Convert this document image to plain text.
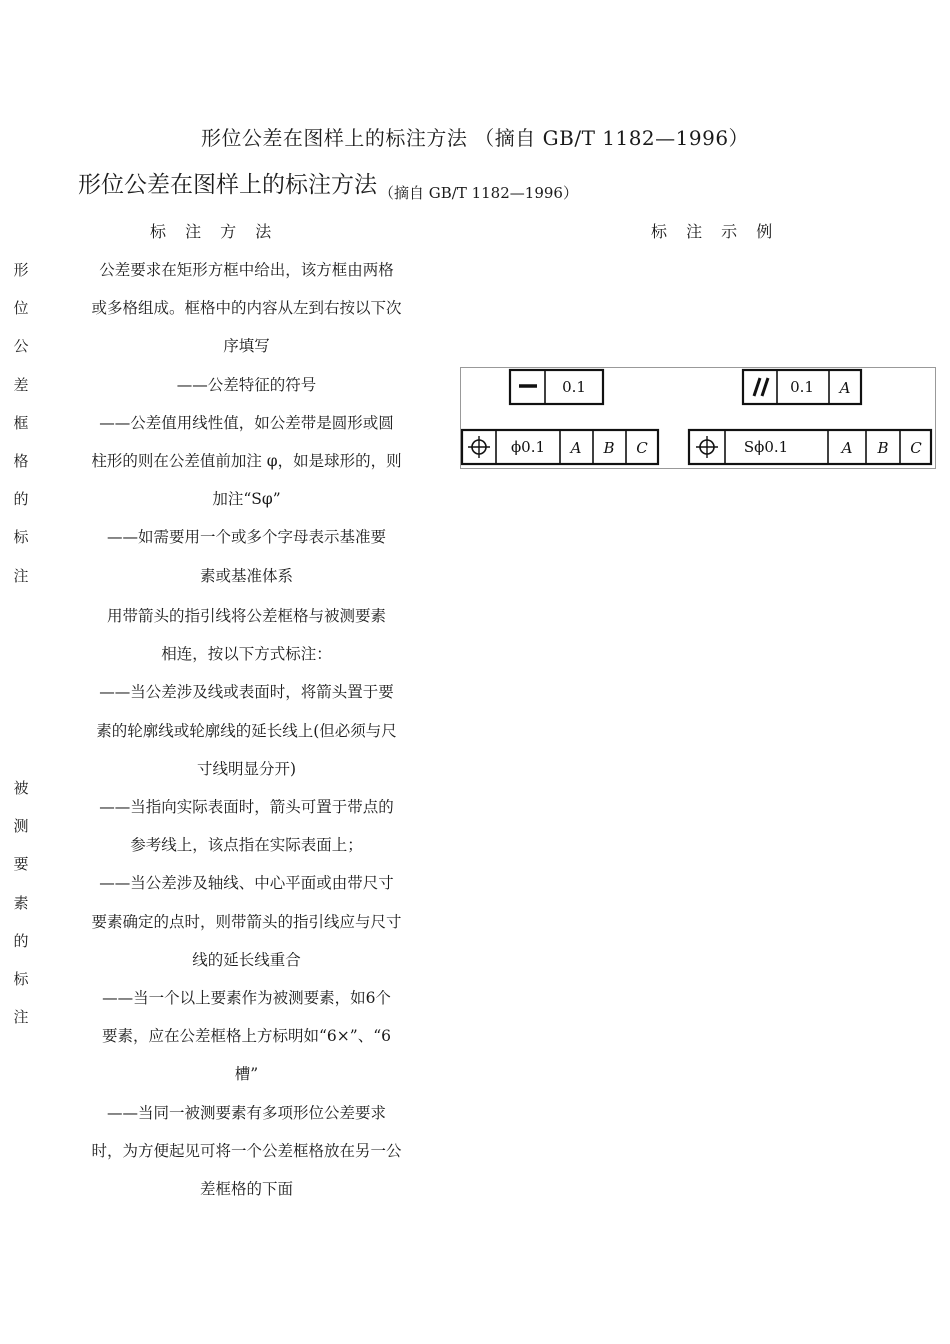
形位公差在图样上的标注方法 （摘自 GB/T 1182—1996）
形位公差在图样上的标注方法 $_{(摘自 GB/T 1182—1996)}$
标 注 方 法	标 注 示 例
形
位
公
差
框
格
的
标
注

公差要求在矩形方框中给出，该方框由两格

或多格组成。框格中的内容从左到右按以下次

序填写

——公差特征的符号

——公差值用线性值，如公差带是圆形或圆

柱形的则在公差值前加注 φ，如是球形的，则

加注“Sφ”

——如需要用一个或多个字母表示基准要

素或基准体系

被
测
要
素
的
标
注

用带箭头的指引线将公差框格与被测要素

相连，按以下方式标注：

——当公差涉及线或表面时，将箭头置于要

素的轮廓线或轮廓线的延长线上(但必须与尺

寸线明显分开)

——当指向实际表面时，箭头可置于带点的

参考线上，该点指在实际表面上；

——当公差涉及轴线、中心平面或由带尺寸

要素确定的点时，则带箭头的指引线应与尺寸

线的延长线重合

——当一个以上要素作为被测要素，如6个

要素，应在公差框格上方标明如“6×”、“6

槽”

——当同一被测要素有多项形位公差要求

时，为方便起见可将一个公差框格放在另一公

差框格的下面

0.1	0.1 A
ϕ0.1 A B C	Sϕ0.1	A B C
